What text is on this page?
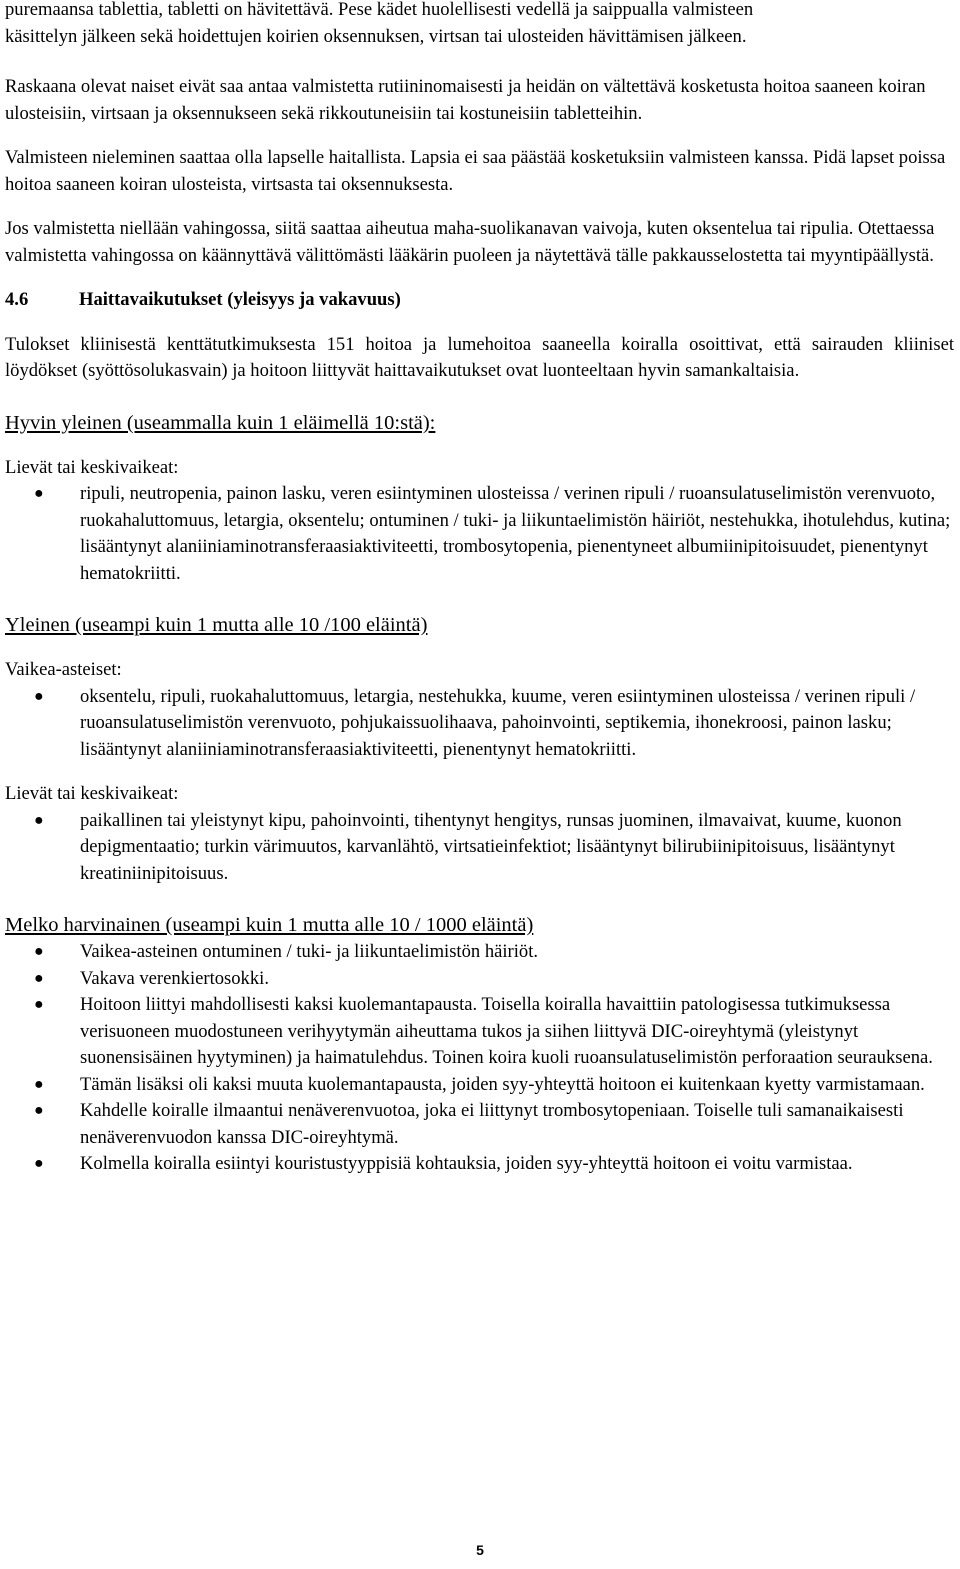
puremaansa tablettia, tabletti on hävitettävä. Pese kädet huolellisesti vedellä ja saippualla valmisteen
käsittelyn jälkeen sekä hoidettujen koirien oksennuksen, virtsan tai ulosteiden hävittämisen jälkeen.

Raskaana olevat naiset eivät saa antaa valmistetta rutiininomaisesti ja heidän on vältettävä kosketusta hoitoa saaneen koiran ulosteisiin, virtsaan ja oksennukseen sekä rikkoutuneisiin tai kostuneisiin tabletteihin.

Valmisteen nieleminen saattaa olla lapselle haitallista. Lapsia ei saa päästää kosketuksiin valmisteen kanssa. Pidä lapset poissa hoitoa saaneen koiran ulosteista, virtsasta tai oksennuksesta.

Jos valmistetta niellään vahingossa, siitä saattaa aiheutua maha-suolikanavan vaivoja, kuten oksentelua tai ripulia. Otettaessa valmistetta vahingossa on käännyttävä välittömästi lääkärin puoleen ja näytettävä tälle pakkausselostetta tai myyntipäällystä.

4.6	Haittavaikutukset (yleisyys ja vakavuus)

Tulokset kliinisestä kenttätutkimuksesta 151 hoitoa ja lumehoitoa saaneella koiralla osoittivat, että sairauden kliiniset löydökset (syöttösolukasvain) ja hoitoon liittyvät haittavaikutukset ovat luonteeltaan hyvin samankaltaisia.

Hyvin yleinen (useammalla kuin 1 eläimellä 10:stä):

Lievät tai keskivaikeat:

● ripuli, neutropenia, painon lasku, veren esiintyminen ulosteissa / verinen ripuli / ruoansulatuselimistön verenvuoto, ruokahaluttomuus, letargia, oksentelu; ontuminen / tuki- ja liikuntaelimistön häiriöt, nestehukka, ihotulehdus, kutina; lisääntynyt alaniiniaminotransferaasiaktiviteetti, trombosytopenia, pienentyneet albumiinipitoisuudet, pienentynyt hematokriitti.

Yleinen (useampi kuin 1 mutta alle 10 /100 eläintä)

Vaikea-asteiset:

● oksentelu, ripuli, ruokahaluttomuus, letargia, nestehukka, kuume, veren esiintyminen ulosteissa / verinen ripuli / ruoansulatuselimistön verenvuoto, pohjukaissuolihaava, pahoinvointi, septikemia, ihonekroosi, painon lasku; lisääntynyt alaniiniaminotransferaasiaktiviteetti, pienentynyt hematokriitti.

Lievät tai keskivaikeat:

● paikallinen tai yleistynyt kipu, pahoinvointi, tihentynyt hengitys, runsas juominen, ilmavaivat, kuume, kuonon depigmentaatio; turkin värimuutos, karvanlähtö, virtsatieinfektiot; lisääntynyt bilirubiinipitoisuus, lisääntynyt kreatiniinipitoisuus.

Melko harvinainen (useampi kuin 1 mutta alle 10 / 1000 eläintä)

● Vaikea-asteinen ontuminen / tuki- ja liikuntaelimistön häiriöt.
● Vakava verenkiertosokki.
● Hoitoon liittyi mahdollisesti kaksi kuolemantapausta. Toisella koiralla havaittiin patologisessa tutkimuksessa verisuoneen muodostuneen verihyytymän aiheuttama tukos ja siihen liittyvä DIC-oireyhtymä (yleistynyt suonensisäinen hyytyminen) ja haimatulehdus. Toinen koira kuoli ruoansulatuselimistön perforaation seurauksena.
● Tämän lisäksi oli kaksi muuta kuolemantapausta, joiden syy-yhteyttä hoitoon ei kuitenkaan kyetty varmistamaan.
● Kahdelle koiralle ilmaantui nenäverenvuotoa, joka ei liittynyt trombosytopeniaan. Toiselle tuli samanaikaisesti nenäverenvuodon kanssa DIC-oireyhtymä.
● Kolmella koiralla esiintyi kouristustyyppisiä kohtauksia, joiden syy-yhteyttä hoitoon ei voitu varmistaa.
5
